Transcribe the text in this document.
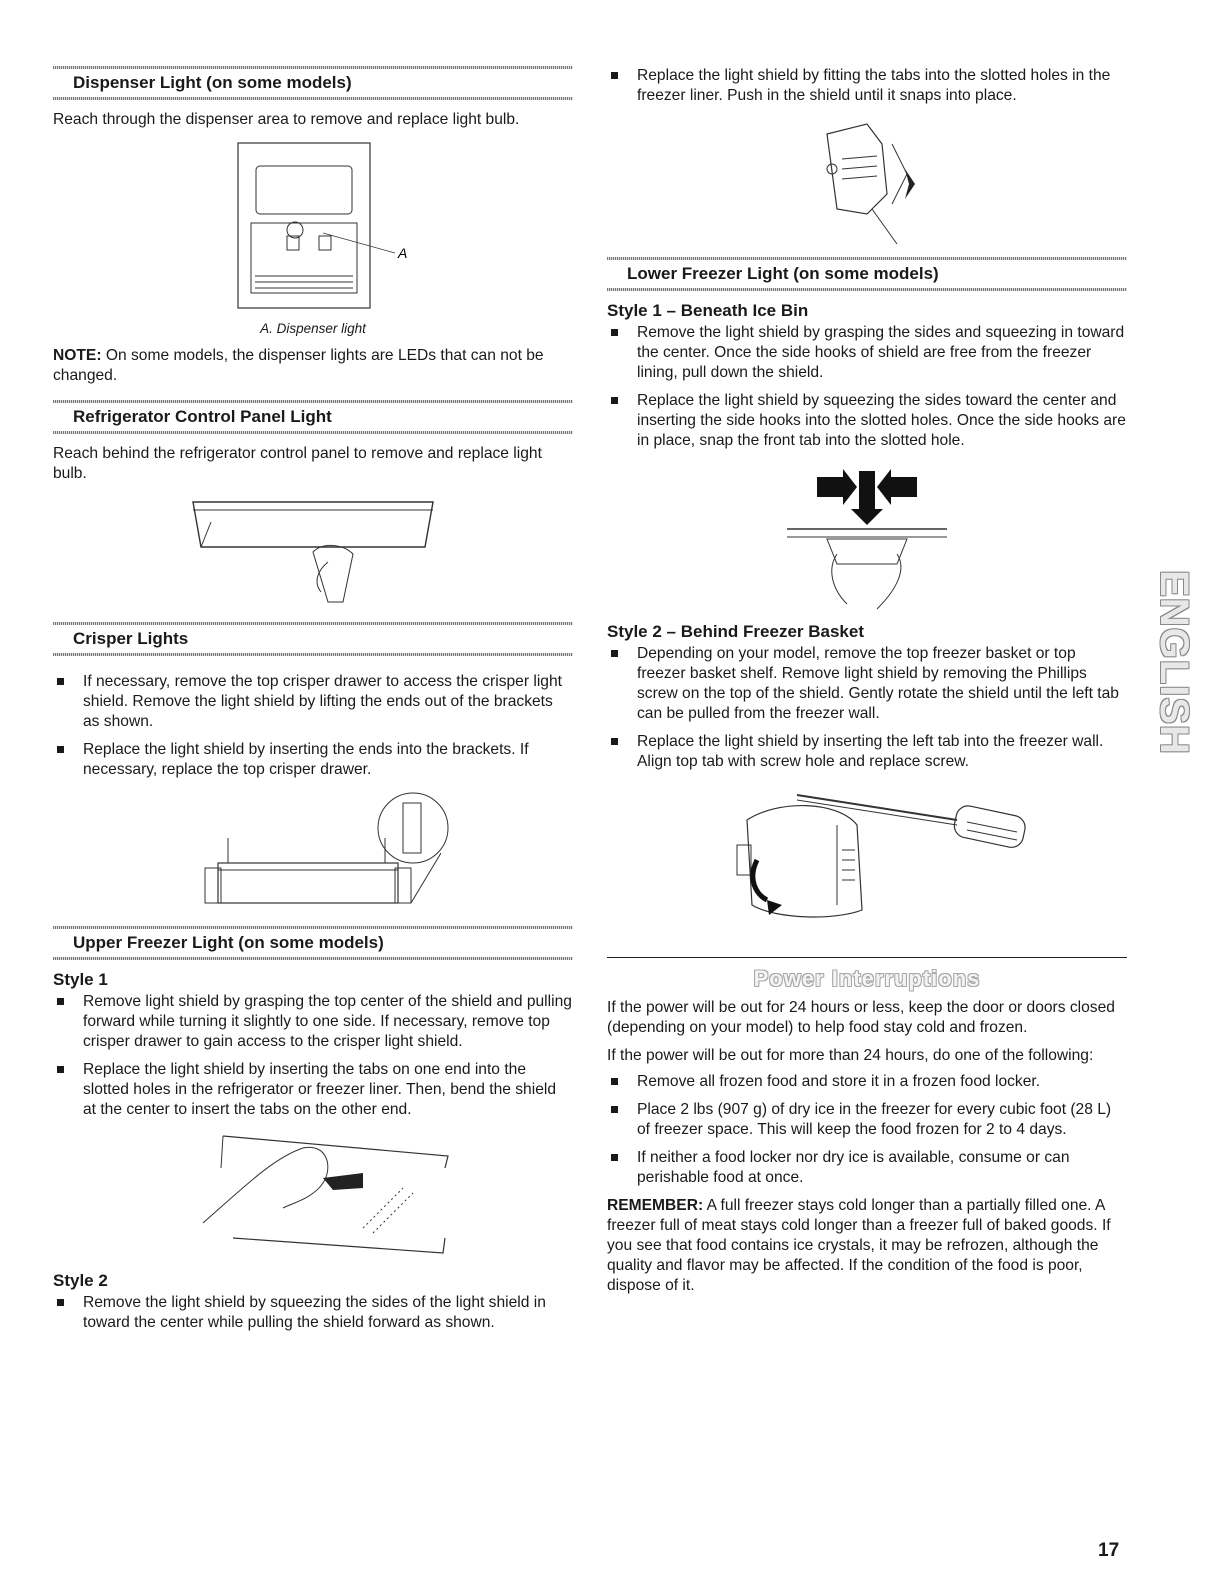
Dispenser Light (on some models)

Reach through the dispenser area to remove and replace light bulb.

A
A. Dispenser light

NOTE: On some models, the dispenser lights are LEDs that can not be changed.

Refrigerator Control Panel Light

Reach behind the refrigerator control panel to remove and replace light bulb.

Crisper Lights
If necessary, remove the top crisper drawer to access the crisper light shield. Remove the light shield by lifting the ends out of the brackets as shown.
Replace the light shield by inserting the ends into the brackets. If necessary, replace the top crisper drawer.
Upper Freezer Light (on some models)
Style 1
Remove light shield by grasping the top center of the shield and pulling forward while turning it slightly to one side. If necessary, remove top crisper drawer to gain access to the crisper light shield.
Replace the light shield by inserting the tabs on one end into the slotted holes in the refrigerator or freezer liner. Then, bend the shield at the center to insert the tabs on the other end.
Style 2
Remove the light shield by squeezing the sides of the light shield in toward the center while pulling the shield forward as shown.
Replace the light shield by fitting the tabs into the slotted holes in the freezer liner. Push in the shield until it snaps into place.
Lower Freezer Light (on some models)
Style 1 – Beneath Ice Bin
Remove the light shield by grasping the sides and squeezing in toward the center. Once the side hooks of shield are free from the freezer lining, pull down the shield.
Replace the light shield by squeezing the sides toward the center and inserting the side hooks into the slotted holes. Once the side hooks are in place, snap the front tab into the slotted hole.
Style 2 – Behind Freezer Basket
Depending on your model, remove the top freezer basket or top freezer basket shelf. Remove light shield by removing the Phillips screw on the top of the shield. Gently rotate the shield until the left tab can be pulled from the freezer wall.
Replace the light shield by inserting the left tab into the freezer wall. Align top tab with screw hole and replace screw.
Power Interruptions

If the power will be out for 24 hours or less, keep the door or doors closed (depending on your model) to help food stay cold and frozen.

If the power will be out for more than 24 hours, do one of the following:

Remove all frozen food and store it in a frozen food locker.
Place 2 lbs (907 g) of dry ice in the freezer for every cubic foot (28 L) of freezer space. This will keep the food frozen for 2 to 4 days.
If neither a food locker nor dry ice is available, consume or can perishable food at once.

REMEMBER: A full freezer stays cold longer than a partially filled one. A freezer full of meat stays cold longer than a freezer full of baked goods. If you see that food contains ice crystals, it may be refrozen, although the quality and flavor may be affected. If the condition of the food is poor, dispose of it.

ENGLISH
17
